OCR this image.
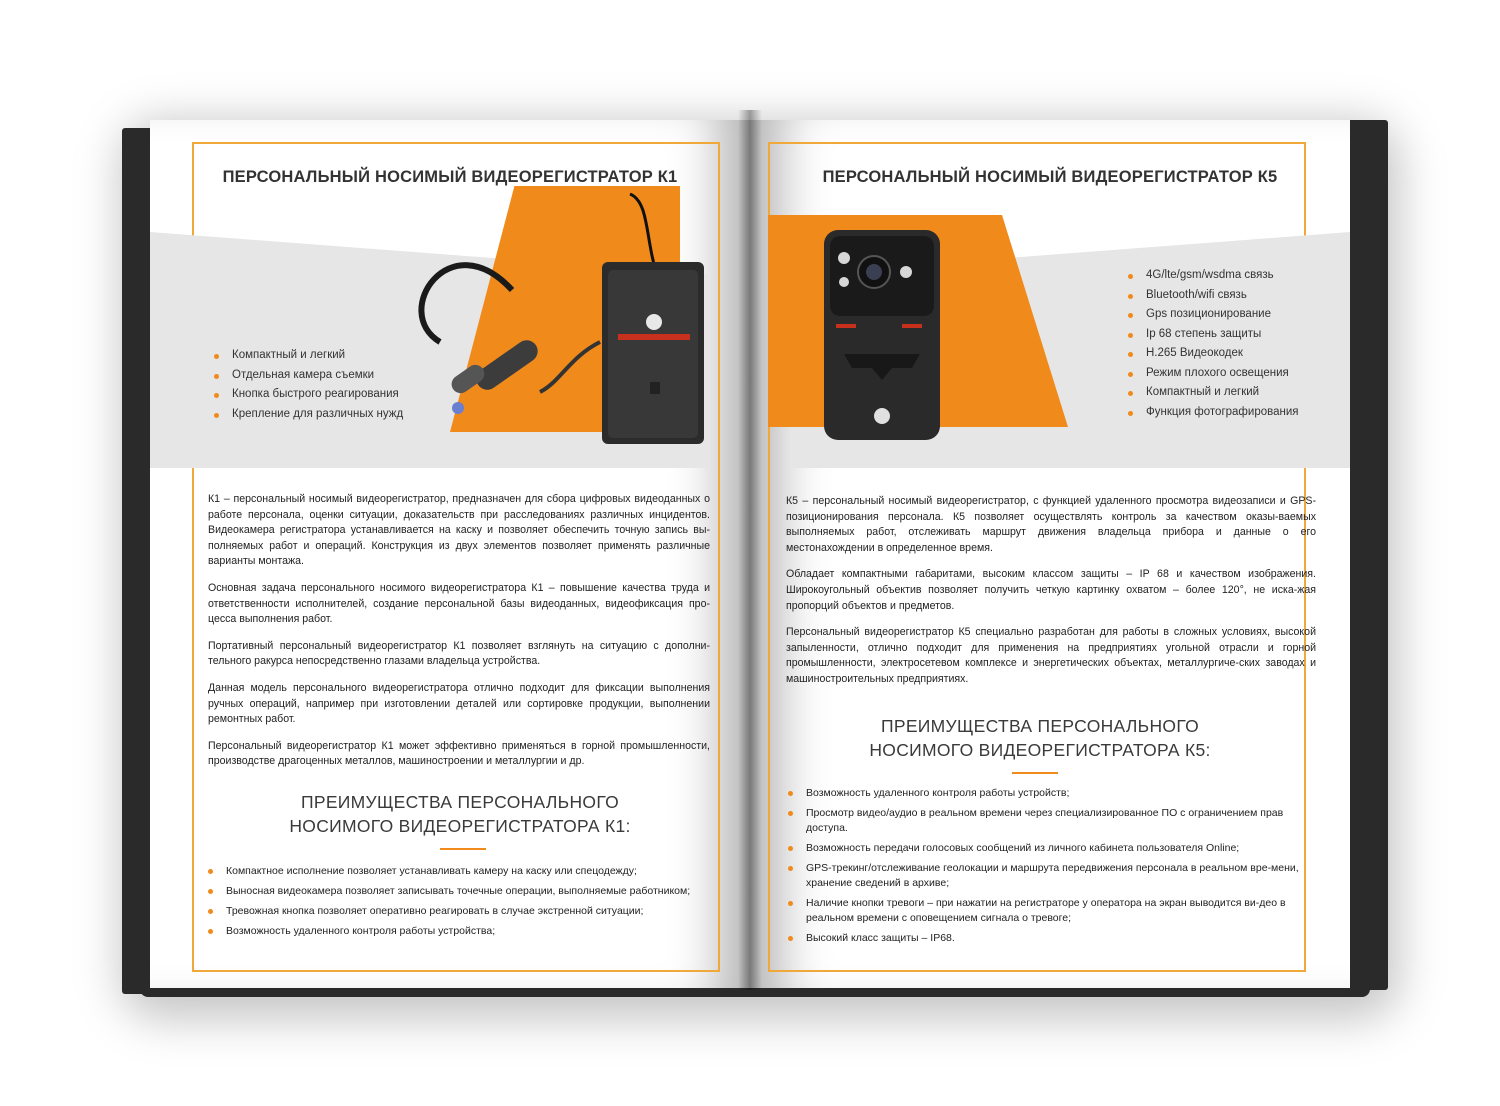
ПЕРСОНАЛЬНЫЙ НОСИМЫЙ ВИДЕОРЕГИСТРАТОР К1
Компактный и легкий
Отдельная камера съемки
Кнопка быстрого реагирования
Крепление для различных нужд

К1 – персональный носимый видеорегистратор, предназначен для сбора цифровых видеоданных о работе персонала, оценки ситуации, доказательств при расследованиях различных инцидентов. Видеокамера регистратора устанавливается на каску и позволяет обеспечить точную запись вы-полняемых работ и операций. Конструкция из двух элементов позволяет применять различные варианты монтажа.

Основная задача персонального носимого видеорегистратора К1 – повышение качества труда и ответственности исполнителей, создание персональной базы видеоданных, видеофиксация про-цесса выполнения работ.

Портативный персональный видеорегистратор К1 позволяет взглянуть на ситуацию с дополни-тельного ракурса непосредственно глазами владельца устройства.

Данная модель персонального видеорегистратора отлично подходит для фиксации выполнения ручных операций, например при изготовлении деталей или сортировке продукции, выполнении ремонтных работ.

Персональный видеорегистратор К1 может эффективно применяться в горной промышленности, производстве драгоценных металлов, машиностроении и металлургии и др.

ПРЕИМУЩЕСТВА ПЕРСОНАЛЬНОГО
НОСИМОГО ВИДЕОРЕГИСТРАТОРА К1:
Компактное исполнение позволяет устанавливать камеру на каску или спецодежду;
Выносная видеокамера позволяет записывать точечные операции, выполняемые работником;
Тревожная кнопка позволяет оперативно реагировать в случае экстренной ситуации;
Возможность удаленного контроля работы устройства;
ПЕРСОНАЛЬНЫЙ НОСИМЫЙ ВИДЕОРЕГИСТРАТОР К5
4G/lte/gsm/wsdma связь
Bluetooth/wifi связь
Gps позиционирование
Ip 68 степень защиты
H.265 Видеокодек
Режим плохого освещения
Компактный и легкий
Функция фотографирования

К5 – персональный носимый видеорегистратор, с функцией удаленного просмотра видеозаписи и GPS-позиционирования персонала. К5 позволяет осуществлять контроль за качеством оказы-ваемых выполняемых работ, отслеживать маршрут движения владельца прибора и данные о его местонахождении в определенное время.

Обладает компактными габаритами, высоким классом защиты – IP 68 и качеством изображения. Широкоугольный объектив позволяет получить четкую картинку охватом – более 120°, не иска-жая пропорций объектов и предметов.

Персональный видеорегистратор К5 специально разработан для работы в сложных условиях, высокой запыленности, отлично подходит для применения на предприятиях угольной отрасли и горной промышленности, электросетевом комплексе и энергетических объектах, металлургиче-ских заводах и машиностроительных предприятиях.

ПРЕИМУЩЕСТВА ПЕРСОНАЛЬНОГО
НОСИМОГО ВИДЕОРЕГИСТРАТОРА К5:
Возможность удаленного контроля работы устройств;
Просмотр видео/аудио в реальном времени через специализированное ПО с ограничением прав доступа.
Возможность передачи голосовых сообщений из личного кабинета пользователя Online;
GPS-трекинг/отслеживание геолокации и маршрута передвижения персонала в реальном вре-мени, хранение сведений в архиве;
Наличие кнопки тревоги – при нажатии на регистраторе у оператора на экран выводится ви-део в реальном времени с оповещением сигнала о тревоге;
Высокий класс защиты – IP68.
